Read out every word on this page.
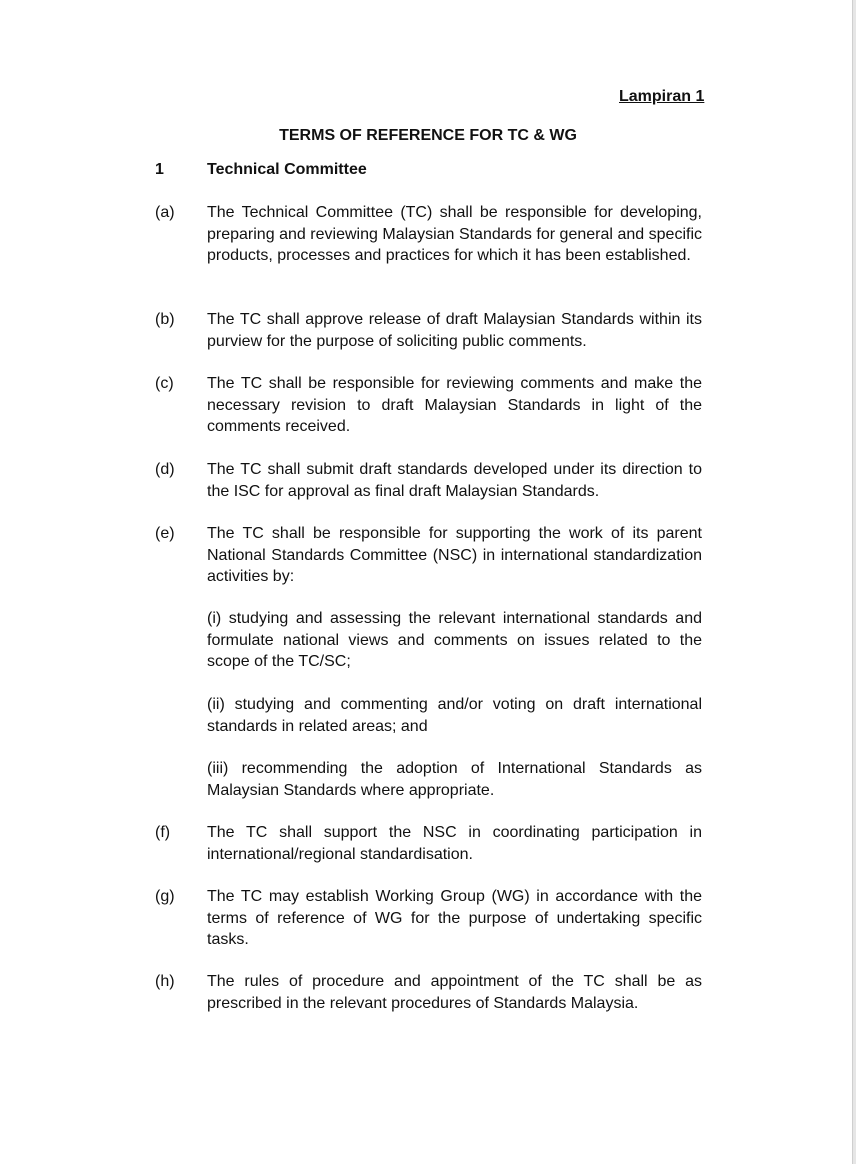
Lampiran 1
TERMS OF REFERENCE FOR TC & WG
1	Technical Committee
(a) The Technical Committee (TC) shall be responsible for developing, preparing and reviewing Malaysian Standards for general and specific products, processes and practices for which it has been established.
(b) The TC shall approve release of draft Malaysian Standards within its purview for the purpose of soliciting public comments.
(c) The TC shall be responsible for reviewing comments and make the necessary revision to draft Malaysian Standards in light of the comments received.
(d) The TC shall submit draft standards developed under its direction to the ISC for approval as final draft Malaysian Standards.
(e) The TC shall be responsible for supporting the work of its parent National Standards Committee (NSC) in international standardization activities by:
(i) studying and assessing the relevant international standards and formulate national views and comments on issues related to the scope of the TC/SC;
(ii) studying and commenting and/or voting on draft international standards in related areas; and
(iii) recommending the adoption of International Standards as Malaysian Standards where appropriate.
(f) The TC shall support the NSC in coordinating participation in international/regional standardisation.
(g) The TC may establish Working Group (WG) in accordance with the terms of reference of WG for the purpose of undertaking specific tasks.
(h) The rules of procedure and appointment of the TC shall be as prescribed in the relevant procedures of Standards Malaysia.
